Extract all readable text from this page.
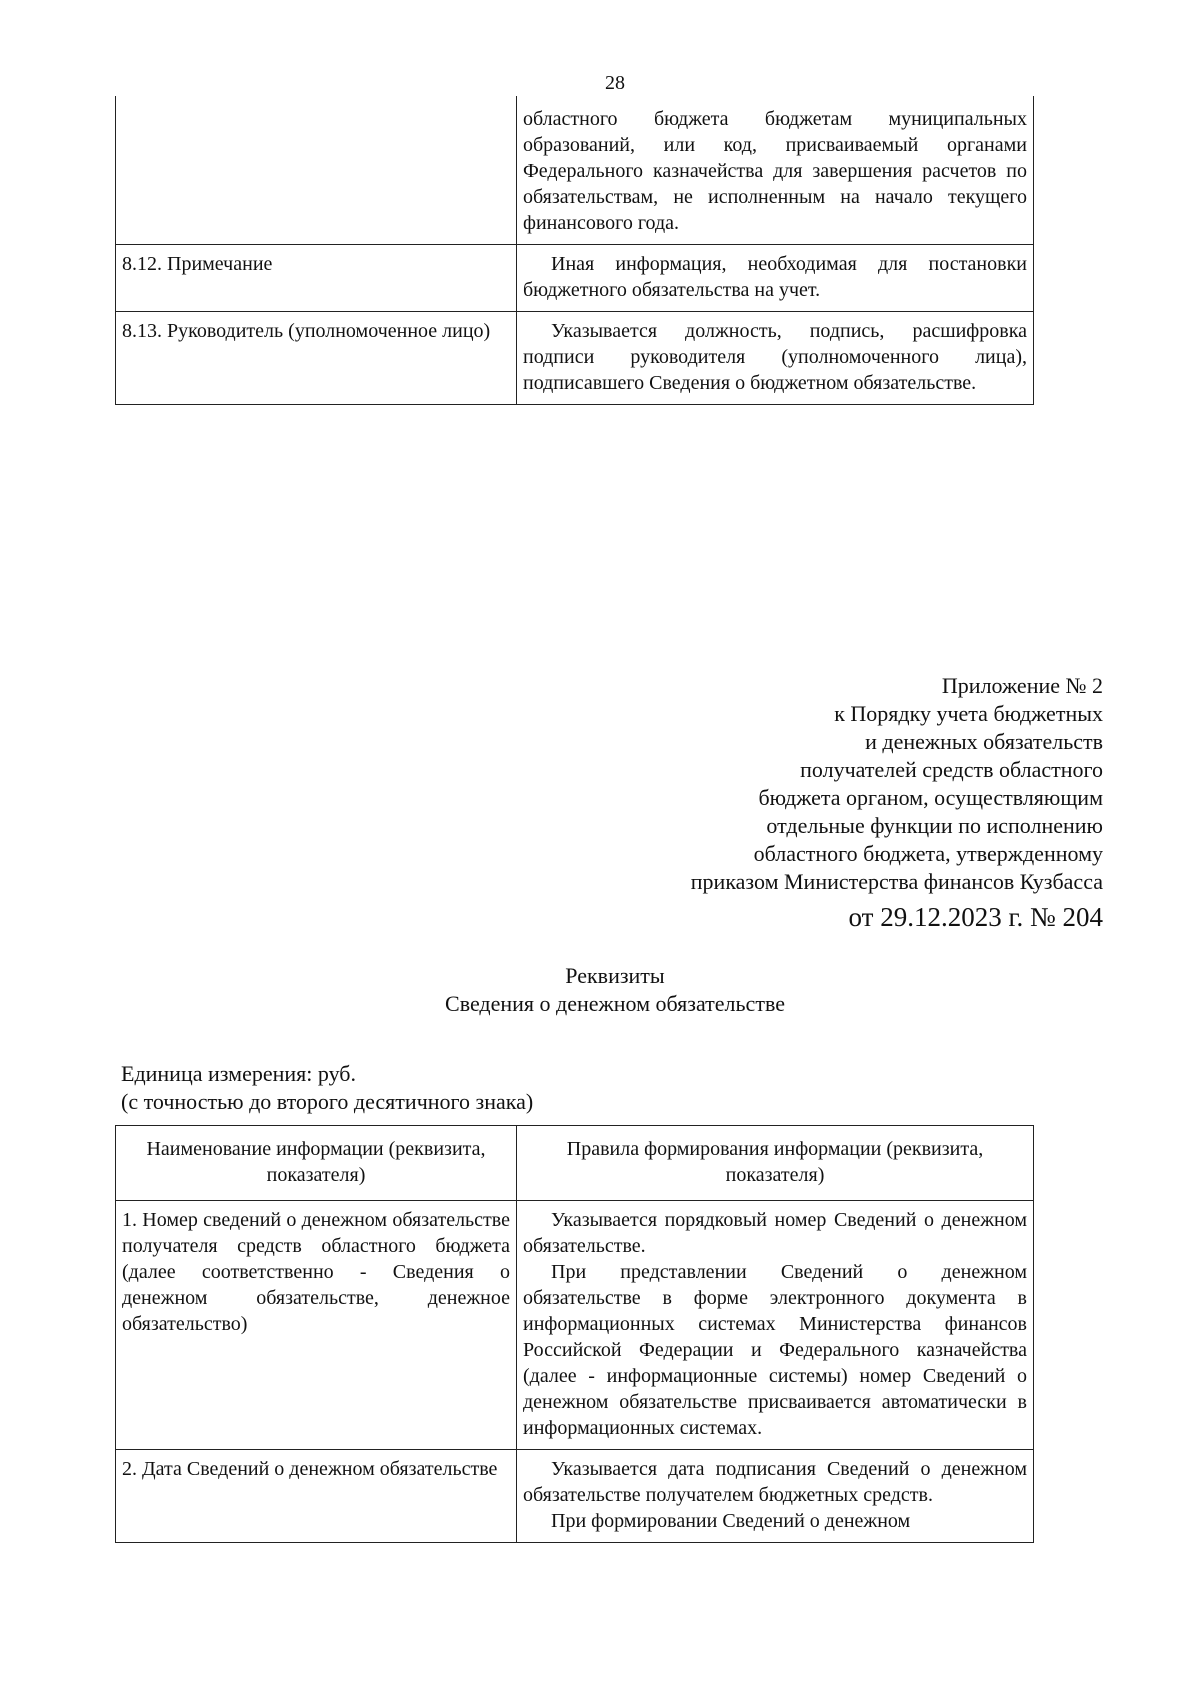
28
	областного бюджета бюджетам муниципальных образований, или код, присваиваемый органами Федерального казначейства для завершения расчетов по обязательствам, не исполненным на начало текущего финансового года.
8.12. Примечание	Иная информация, необходимая для постановки бюджетного обязательства на учет.

8.13. Руководитель (уполномоченное лицо)	Указывается должность, подпись, расшифровка подписи руководителя (уполномоченного лица), подписавшего Сведения о бюджетном обязательстве.
Приложение № 2
к Порядку учета бюджетных
и денежных обязательств
получателей средств областного
бюджета органом, осуществляющим
отдельные функции по исполнению
областного бюджета, утвержденному
приказом Министерства финансов Кузбасса
от 29.12.2023 г. № 204
Реквизиты
Сведения о денежном обязательстве
Единица измерения: руб.
(с точностью до второго десятичного знака)
Наименование информации (реквизита, показателя)	Правила формирования информации (реквизита, показателя)
1. Номер сведений о денежном обязательстве получателя средств областного бюджета (далее соответственно - Сведения о денежном обязательстве, денежное обязательство)	Указывается порядковый номер Сведений о денежном обязательстве.
При представлении Сведений о денежном обязательстве в форме электронного документа в информационных системах Министерства финансов Российской Федерации и Федерального казначейства (далее - информационные системы) номер Сведений о денежном обязательстве присваивается автоматически в информационных системах.

2. Дата Сведений о денежном обязательстве	Указывается дата подписания Сведений о денежном обязательстве получателем бюджетных средств.
При формировании Сведений о денежном
